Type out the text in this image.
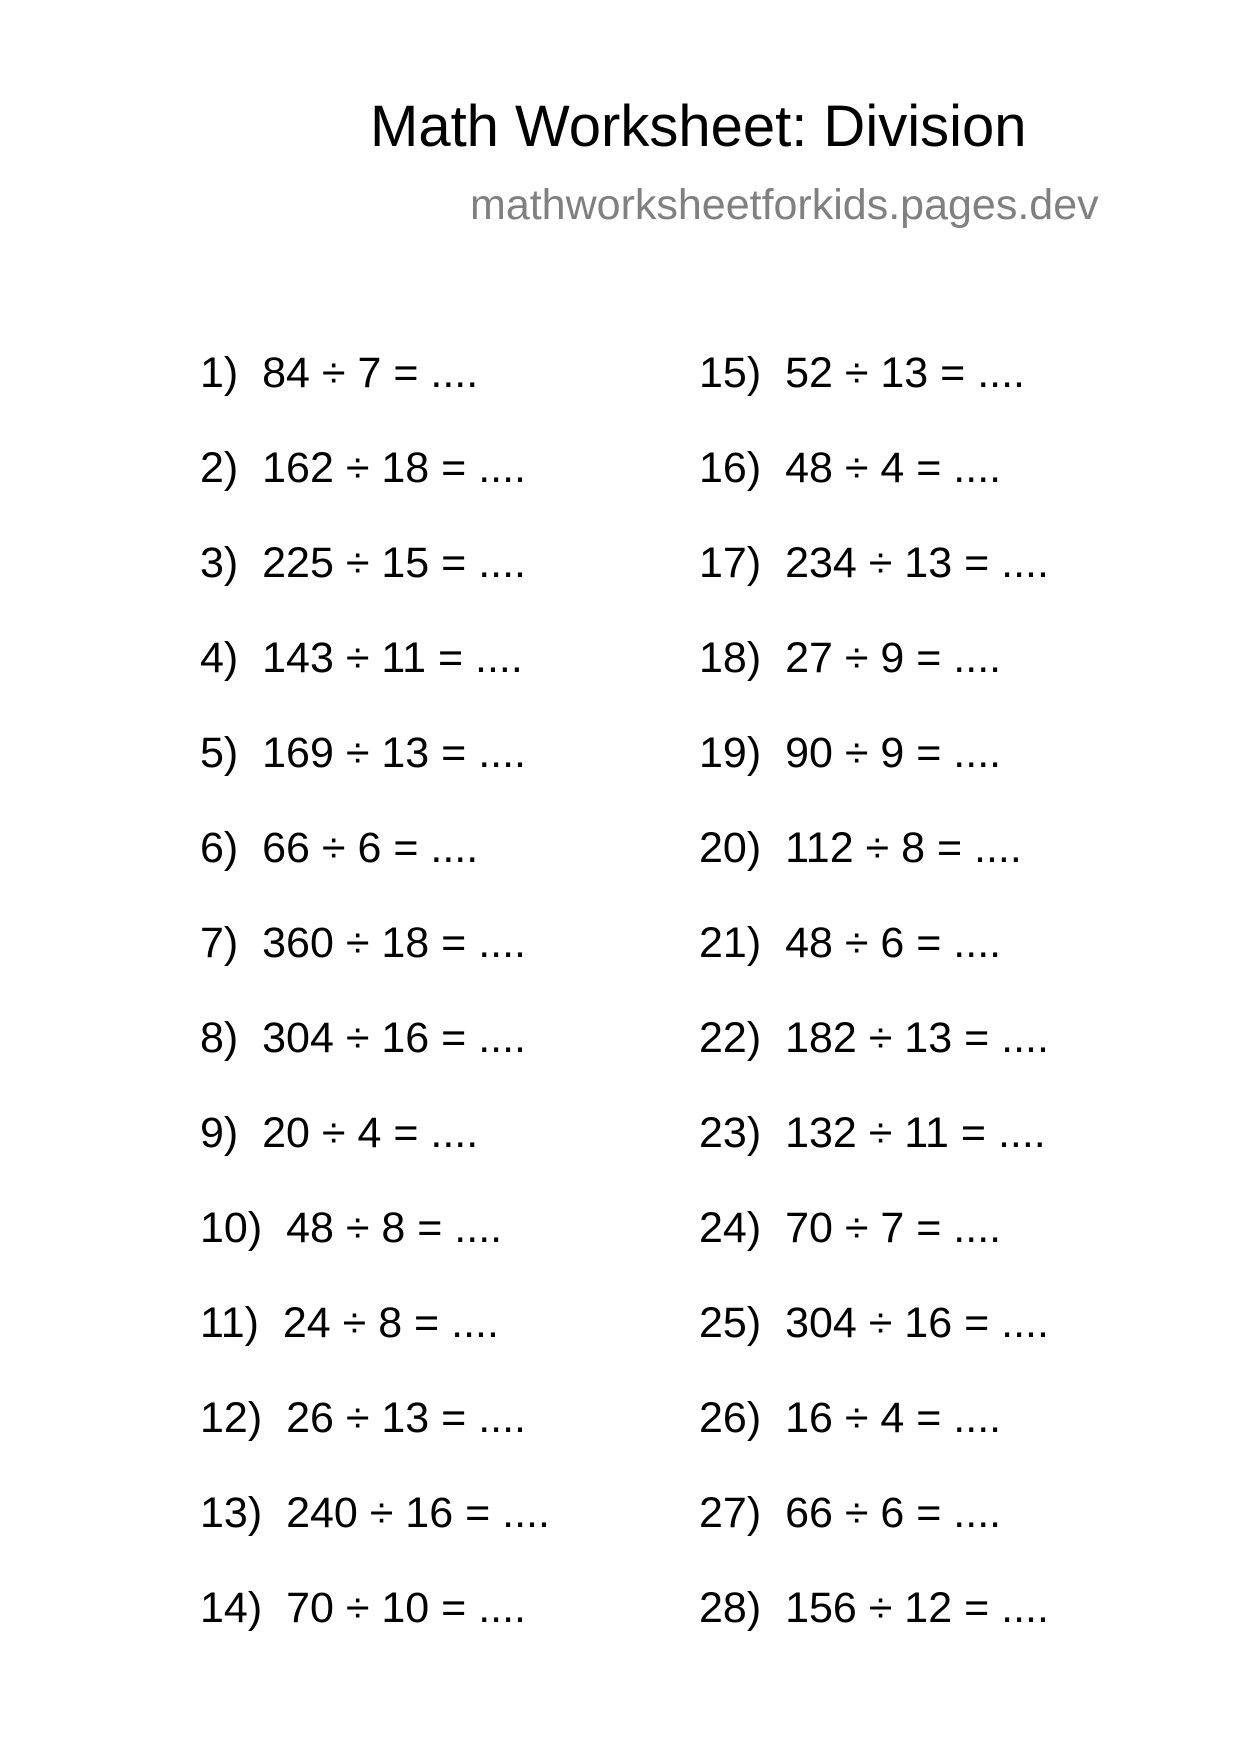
Math Worksheet: Division
mathworksheetforkids.pages.dev
1) 84 ÷ 7 = ....
2) 162 ÷ 18 = ....
3) 225 ÷ 15 = ....
4) 143 ÷ 11 = ....
5) 169 ÷ 13 = ....
6) 66 ÷ 6 = ....
7) 360 ÷ 18 = ....
8) 304 ÷ 16 = ....
9) 20 ÷ 4 = ....
10) 48 ÷ 8 = ....
11) 24 ÷ 8 = ....
12) 26 ÷ 13 = ....
13) 240 ÷ 16 = ....
14) 70 ÷ 10 = ....
15) 52 ÷ 13 = ....
16) 48 ÷ 4 = ....
17) 234 ÷ 13 = ....
18) 27 ÷ 9 = ....
19) 90 ÷ 9 = ....
20) 112 ÷ 8 = ....
21) 48 ÷ 6 = ....
22) 182 ÷ 13 = ....
23) 132 ÷ 11 = ....
24) 70 ÷ 7 = ....
25) 304 ÷ 16 = ....
26) 16 ÷ 4 = ....
27) 66 ÷ 6 = ....
28) 156 ÷ 12 = ....
